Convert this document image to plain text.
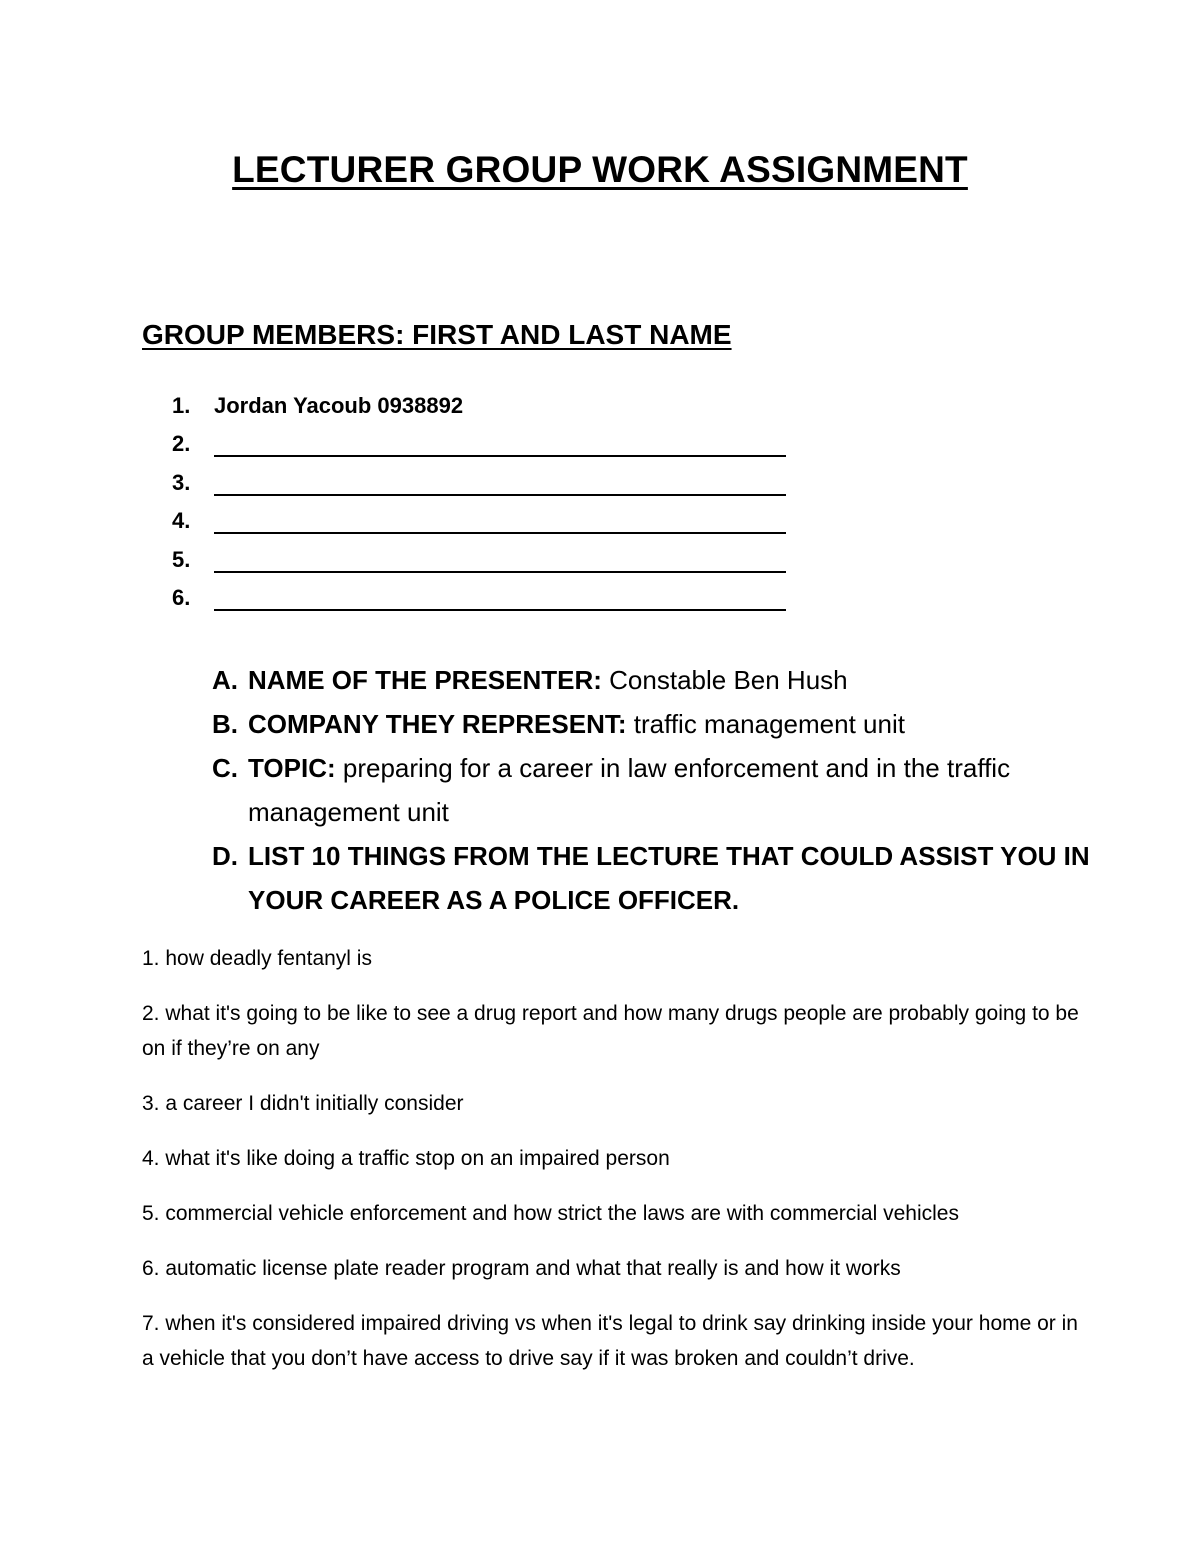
LECTURER GROUP WORK ASSIGNMENT
GROUP MEMBERS: FIRST AND LAST NAME
1.	Jordan Yacoub 0938892
2.
3.
4.
5.
6.
A. NAME OF THE PRESENTER: Constable Ben Hush
B. COMPANY THEY REPRESENT: traffic management unit
C. TOPIC: preparing for a career in law enforcement and in the traffic management unit
D. LIST 10 THINGS FROM THE LECTURE THAT COULD ASSIST YOU IN YOUR CAREER AS A POLICE OFFICER.

1. how deadly fentanyl is

2. what it's going to be like to see a drug report and how many drugs people are probably going to be on if they’re on any

3. a career I didn't initially consider

4. what it's like doing a traffic stop on an impaired person

5. commercial vehicle enforcement and how strict the laws are with commercial vehicles

6. automatic license plate reader program and what that really is and how it works

7. when it's considered impaired driving vs when it's legal to drink say drinking inside your home or in a vehicle that you don’t have access to drive say if it was broken and couldn’t drive.
